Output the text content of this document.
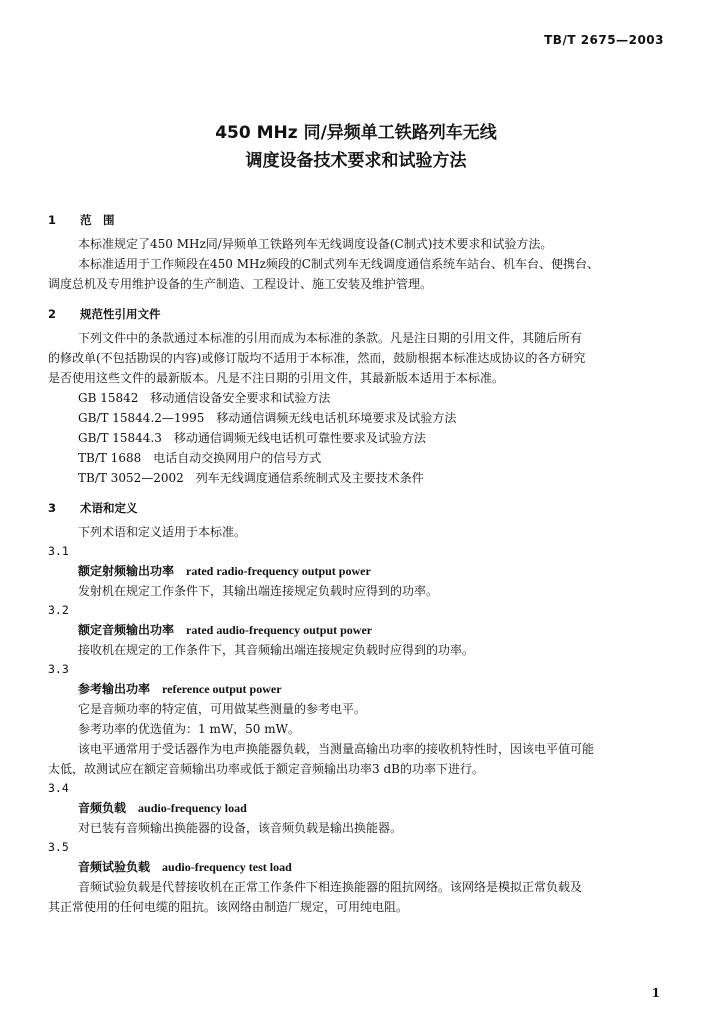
TB/T 2675—2003
450 MHz 同/异频单工铁路列车无线
调度设备技术要求和试验方法
1 范　围
本标准规定了450 MHz同/异频单工铁路列车无线调度设备(C制式)技术要求和试验方法。
本标准适用于工作频段在450 MHz频段的C制式列车无线调度通信系统车站台、机车台、便携台、
调度总机及专用维护设备的生产制造、工程设计、施工安装及维护管理。
2 规范性引用文件
下列文件中的条款通过本标准的引用而成为本标准的条款。凡是注日期的引用文件，其随后所有
的修改单(不包括勘误的内容)或修订版均不适用于本标准，然而，鼓励根据本标准达成协议的各方研究
是否使用这些文件的最新版本。凡是不注日期的引用文件，其最新版本适用于本标准。
GB 15842　移动通信设备安全要求和试验方法
GB/T 15844.2—1995　移动通信调频无线电话机环境要求及试验方法
GB/T 15844.3　移动通信调频无线电话机可靠性要求及试验方法
TB/T 1688　电话自动交换网用户的信号方式
TB/T 3052—2002　列车无线调度通信系统制式及主要技术条件
3 术语和定义
下列术语和定义适用于本标准。
3.1
额定射频输出功率 rated radio-frequency output power
发射机在规定工作条件下，其输出端连接规定负载时应得到的功率。
3.2
额定音频输出功率 rated audio-frequency output power
接收机在规定的工作条件下，其音频输出端连接规定负载时应得到的功率。
3.3
参考输出功率 reference output power
它是音频功率的特定值，可用做某些测量的参考电平。
参考功率的优选值为：1 mW，50 mW。
该电平通常用于受话器作为电声换能器负载，当测量高输出功率的接收机特性时，因该电平值可能
太低，故测试应在额定音频输出功率或低于额定音频输出功率3 dB的功率下进行。
3.4
音频负载 audio-frequency load
对已装有音频输出换能器的设备，该音频负载是输出换能器。
3.5
音频试验负载 audio-frequency test load
音频试验负载是代替接收机在正常工作条件下相连换能器的阻抗网络。该网络是模拟正常负载及
其正常使用的任何电缆的阻抗。该网络由制造厂规定，可用纯电阻。
1
